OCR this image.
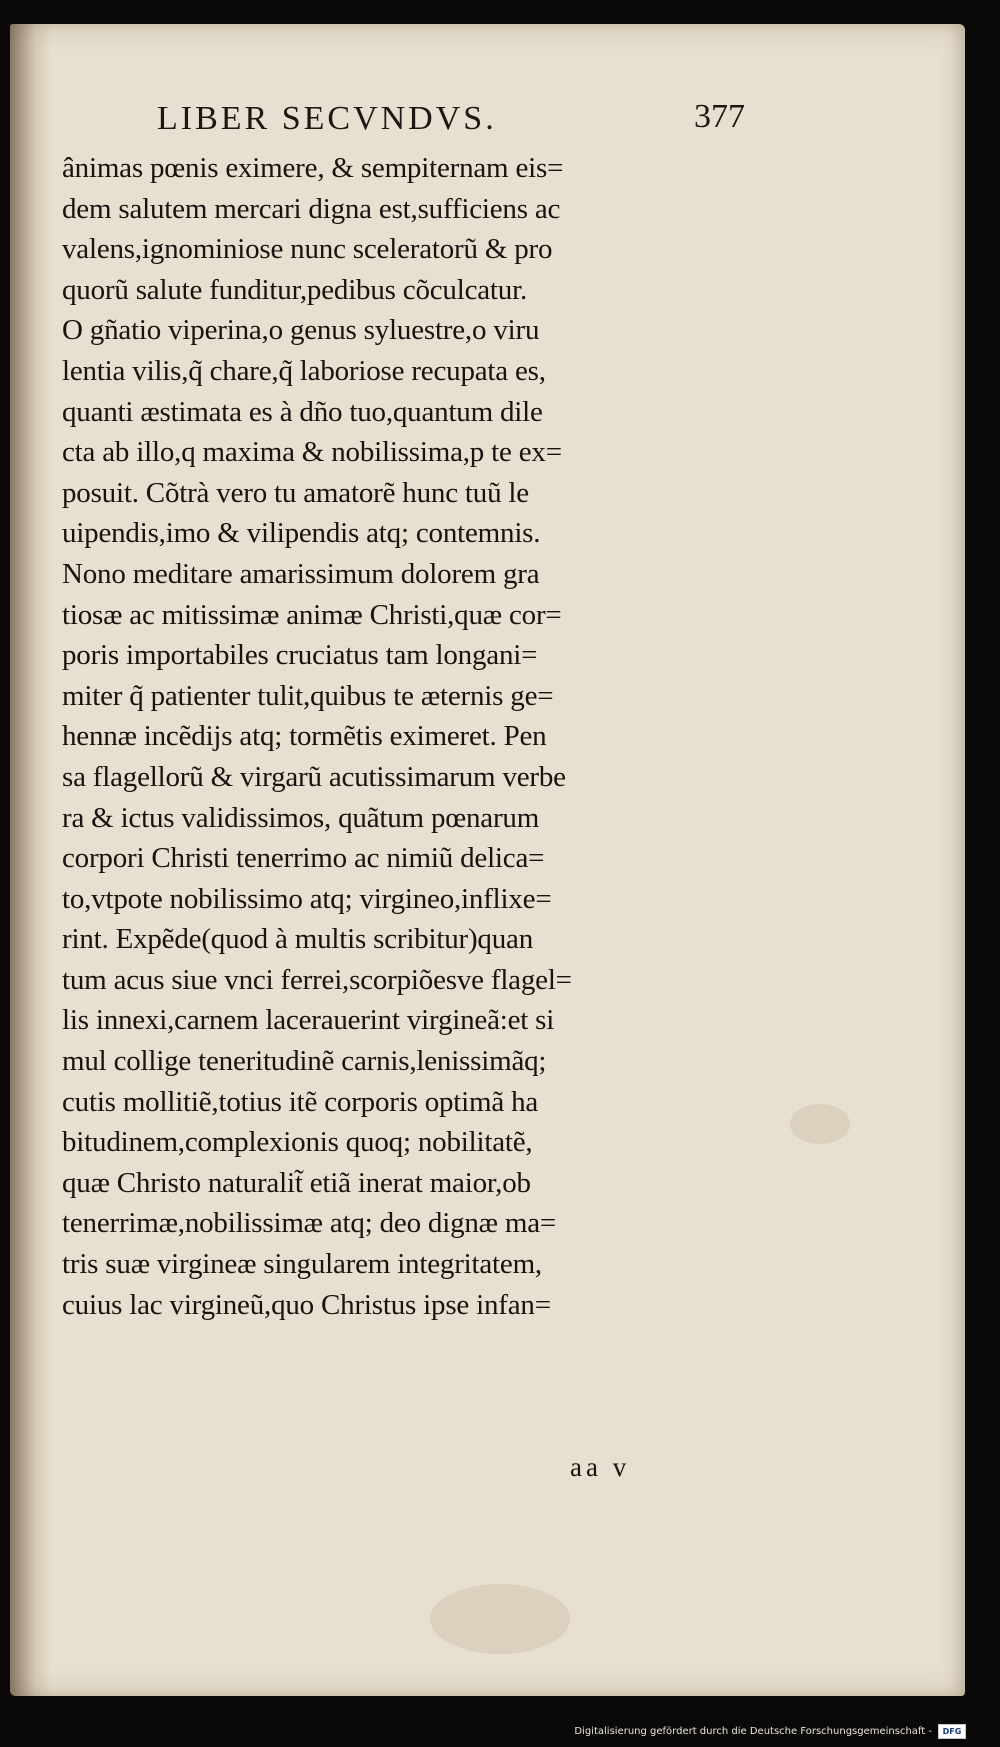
LIBER SECVNDVS.	377
ânimas pœnis eximere, & sempiternam eis=
dem salutem mercari digna est,sufficiens ac
valens,ignominiose nunc sceleratorũ & pro
quorũ salute funditur,pedibus cõculcatur.
O gñatio viperina,o genus syluestre,o viru
lentia vilis,q̃ chare,q̃ laboriose recupata es,
quanti æstimata es à dño tuo,quantum dile
cta ab illo,q maxima & nobilissima,p te ex=
posuit. Cõtrà vero tu amatorẽ hunc tuũ le
uipendis,imo & vilipendis atq; contemnis.
Nono meditare amarissimum dolorem gra
tiosæ ac mitissimæ animæ Christi,quæ cor=
poris importabiles cruciatus tam longani=
miter q̃ patienter tulit,quibus te æternis ge=
hennæ incẽdijs atq; tormẽtis eximeret. Pen
sa flagellorũ & virgarũ acutissimarum verbe
ra & ictus validissimos, quãtum pœnarum
corpori Christi tenerrimo ac nimiũ delica=
to,vtpote nobilissimo atq; virgineo,inflixe=
rint. Expẽde(quod à multis scribitur)quan
tum acus siue vnci ferrei,scorpiõesve flagel=
lis innexi,carnem lacerauerint virgineã:et si
mul collige teneritudinẽ carnis,lenissimãq;
cutis mollitiẽ,totius itẽ corporis optimã ha
bitudinem,complexionis quoq; nobilitatẽ,
quæ Christo naturalit̃ etiã inerat maior,ob
tenerrimæ,nobilissimæ atq; deo dignæ ma=
tris suæ virgineæ singularem integritatem,
cuius lac virgineũ,quo Christus ipse infan=
aa v
Digitalisierung gefördert durch die Deutsche Forschungsgemeinschaft - DFG
